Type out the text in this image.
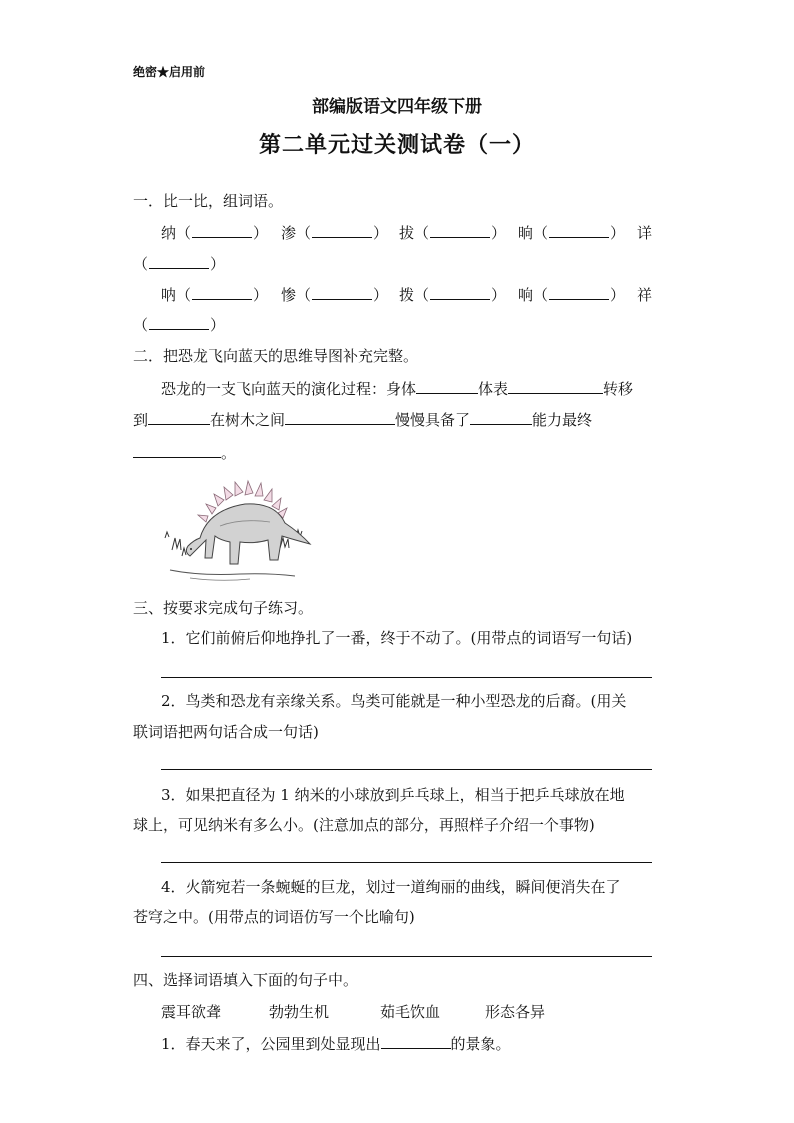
绝密★启用前
部编版语文四年级下册
第二单元过关测试卷（一）
一．比一比，组词语。
纳（	） 渗（	） 拔（	） 晌（	） 详
（	）
呐（	） 惨（	） 拨（	） 响（	） 祥
（	）
二．把恐龙飞向蓝天的思维导图补充完整。
恐龙的一支飞向蓝天的演化过程：身体	体表	转移
到	在树木之间	慢慢具备了	能力最终
。
三、按要求完成句子练习。
1．它们前俯后仰地挣扎了一番，终于不动了。(用带点的词语写一句话)
2．鸟类和恐龙有亲缘关系。鸟类可能就是一种小型恐龙的后裔。(用关
联词语把两句话合成一句话)
3．如果把直径为 1 纳米的小球放到乒乓球上，相当于把乒乓球放在地
球上，可见纳米有多么小。(注意加点的部分，再照样子介绍一个事物)
4．火箭宛若一条蜿蜒的巨龙，划过一道绚丽的曲线，瞬间便消失在了
苍穹之中。(用带点的词语仿写一个比喻句)
四、选择词语填入下面的句子中。
震耳欲聋	勃勃生机	茹毛饮血	形态各异
1．春天来了，公园里到处显现出	的景象。
